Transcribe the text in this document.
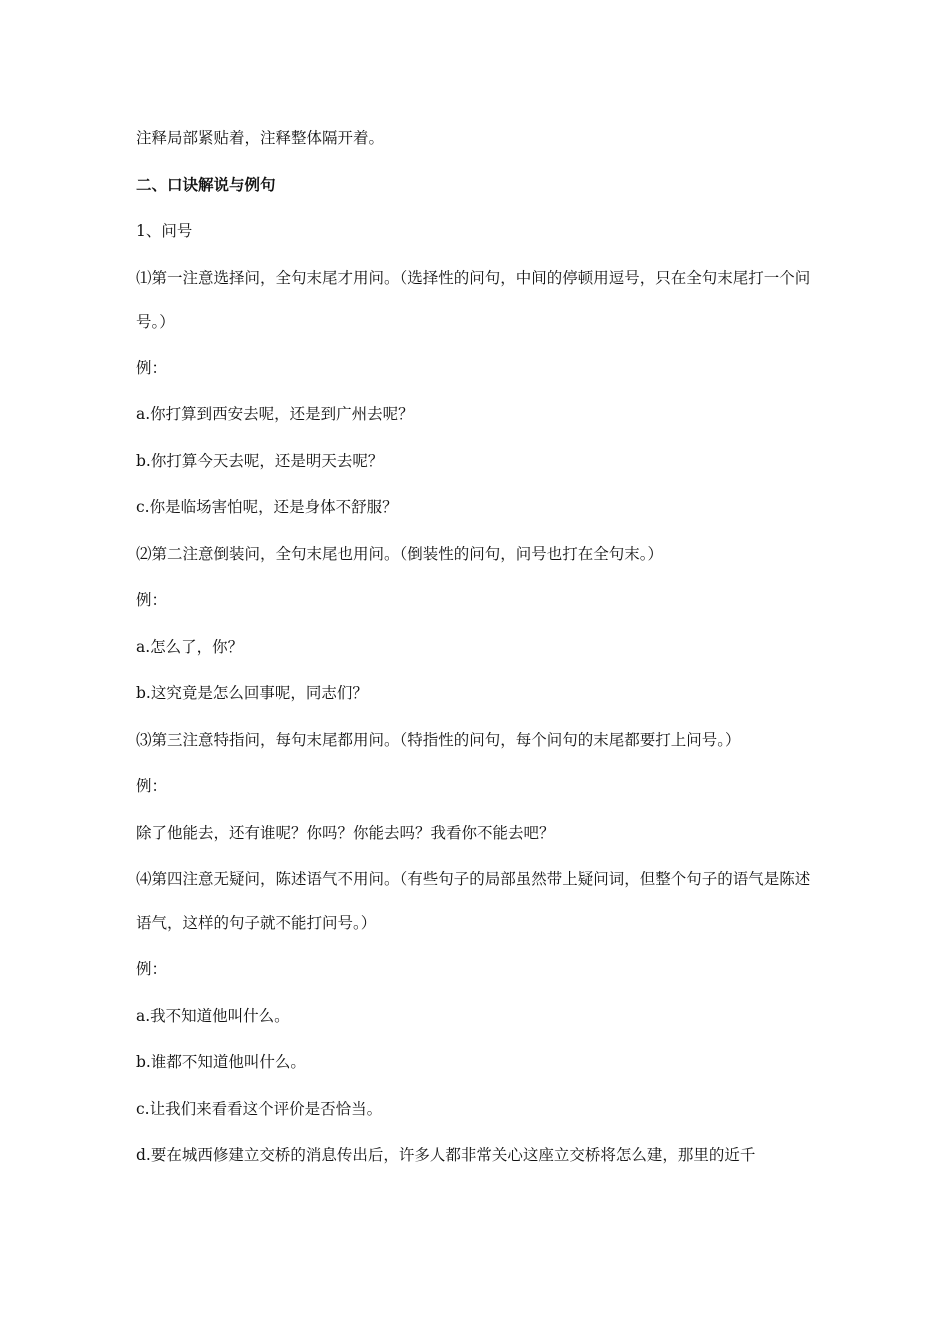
注释局部紧贴着，注释整体隔开着。

二、口诀解说与例句

1、问号

⑴第一注意选择问，全句末尾才用问。（选择性的问句，中间的停顿用逗号，只在全句末尾打一个问号。）

例：

a.你打算到西安去呢，还是到广州去呢？

b.你打算今天去呢，还是明天去呢？

c.你是临场害怕呢，还是身体不舒服？

⑵第二注意倒装问，全句末尾也用问。（倒装性的问句，问号也打在全句末。）

例：

a.怎么了，你？

b.这究竟是怎么回事呢，同志们？

⑶第三注意特指问，每句末尾都用问。（特指性的问句，每个问句的末尾都要打上问号。）

例：

除了他能去，还有谁呢？你吗？你能去吗？我看你不能去吧？

⑷第四注意无疑问，陈述语气不用问。（有些句子的局部虽然带上疑问词，但整个句子的语气是陈述语气，这样的句子就不能打问号。）

例：

a.我不知道他叫什么。

b.谁都不知道他叫什么。

c.让我们来看看这个评价是否恰当。

d.要在城西修建立交桥的消息传出后，许多人都非常关心这座立交桥将怎么建，那里的近千
